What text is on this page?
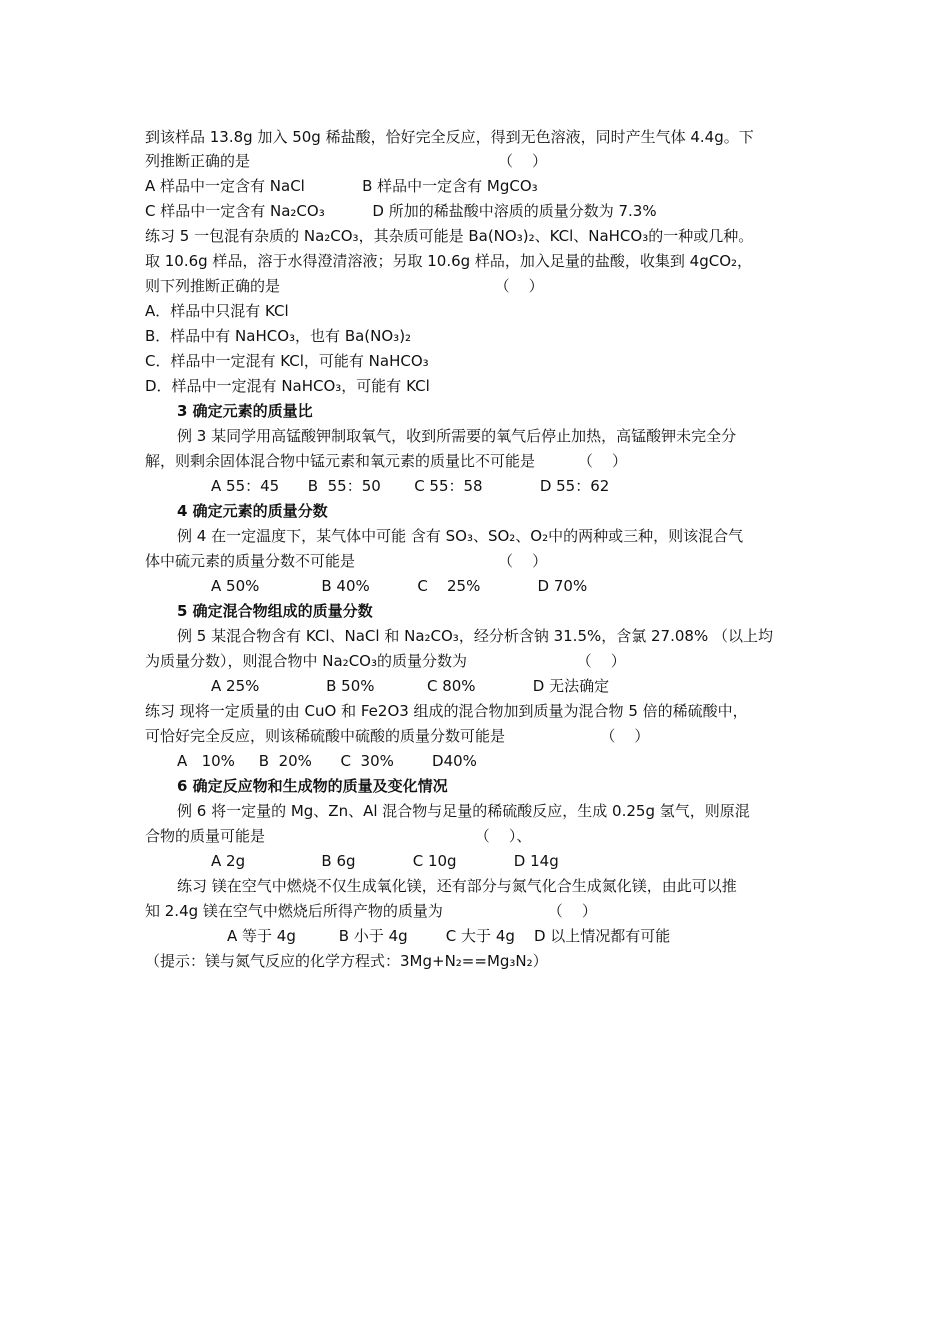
到该样品 13.8g 加入 50g 稀盐酸，恰好完全反应，得到无色溶液，同时产生气体 4.4g。下
列推断正确的是                                                    （    ）
A 样品中一定含有 NaCl            B 样品中一定含有 MgCO₃
C 样品中一定含有 Na₂CO₃          D 所加的稀盐酸中溶质的质量分数为 7.3%
练习 5 一包混有杂质的 Na₂CO₃，其杂质可能是 Ba(NO₃)₂、KCl、NaHCO₃的一种或几种。
取 10.6g 样品，溶于水得澄清溶液；另取 10.6g 样品，加入足量的盐酸，收集到 4gCO₂，
则下列推断正确的是                                             （    ）
A．样品中只混有 KCl
B．样品中有 NaHCO₃，也有 Ba(NO₃)₂
C．样品中一定混有 KCl，可能有 NaHCO₃
D．样品中一定混有 NaHCO₃，可能有 KCl
3 确定元素的质量比
例 3 某同学用高锰酸钾制取氧气，收到所需要的氧气后停止加热，高锰酸钾未完全分
解，则剩余固体混合物中锰元素和氧元素的质量比不可能是         （    ）
A 55：45      B  55：50       C 55：58            D 55：62
4 确定元素的质量分数
例 4 在一定温度下，某气体中可能 含有 SO₃、SO₂、O₂中的两种或三种，则该混合气
体中硫元素的质量分数不可能是                              （    ）
A 50%             B 40%          C    25%            D 70%
5 确定混合物组成的质量分数
例 5 某混合物含有 KCl、NaCl 和 Na₂CO₃，经分析含钠 31.5%，含氯 27.08% （以上均
为质量分数），则混合物中 Na₂CO₃的质量分数为                       （    ）
A 25%              B 50%           C 80%            D 无法确定
练习 现将一定质量的由 CuO 和 Fe2O3 组成的混合物加到质量为混合物 5 倍的稀硫酸中，
可恰好完全反应，则该稀硫酸中硫酸的质量分数可能是                    （    ）
A   10%     B  20%      C  30%        D40%
6 确定反应物和生成物的质量及变化情况
例 6 将一定量的 Mg、Zn、Al 混合物与足量的稀硫酸反应，生成 0.25g 氢气，则原混
合物的质量可能是                                            （    ）、
A 2g                B 6g            C 10g            D 14g
练习 镁在空气中燃烧不仅生成氧化镁，还有部分与氮气化合生成氮化镁，由此可以推
知 2.4g 镁在空气中燃烧后所得产物的质量为                      （    ）
A 等于 4g         B 小于 4g        C 大于 4g    D 以上情况都有可能
（提示：镁与氮气反应的化学方程式：3Mg+N₂==Mg₃N₂）
